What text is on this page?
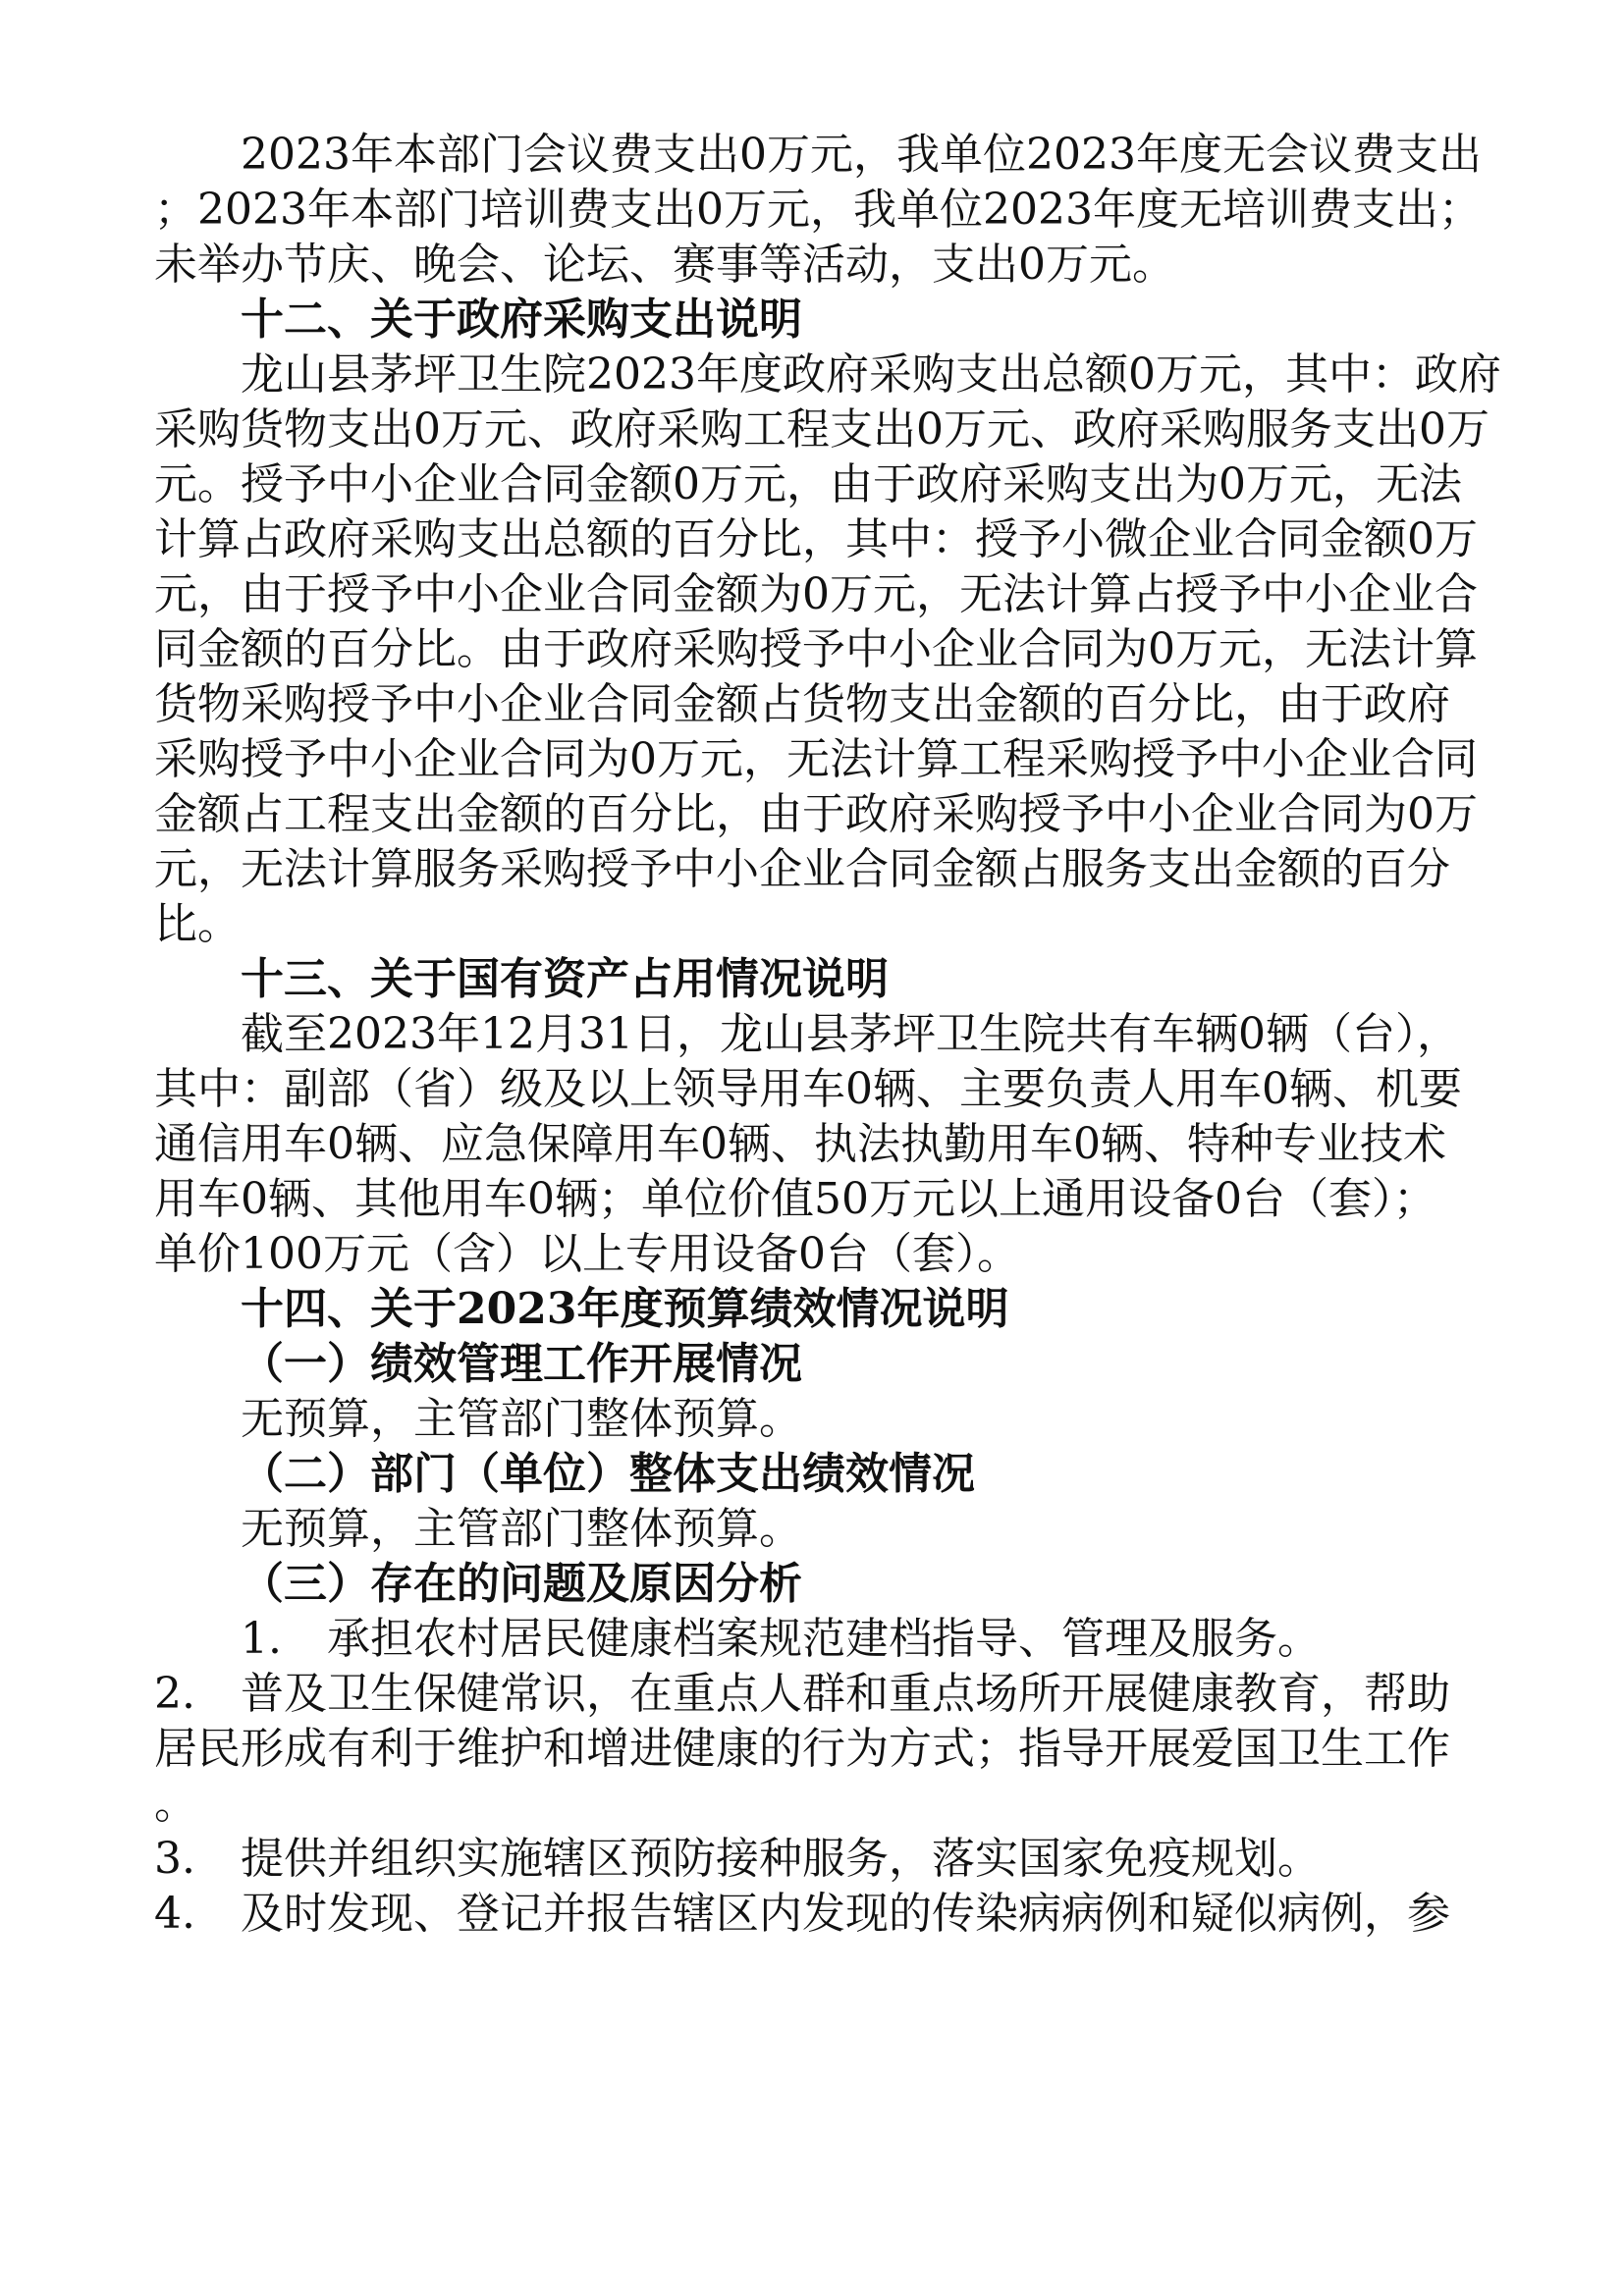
2023年本部门会议费支出0万元，我单位2023年度无会议费支出
；2023年本部门培训费支出0万元，我单位2023年度无培训费支出；
未举办节庆、晚会、论坛、赛事等活动，支出0万元。
十二、关于政府采购支出说明
龙山县茅坪卫生院2023年度政府采购支出总额0万元，其中：政府
采购货物支出0万元、政府采购工程支出0万元、政府采购服务支出0万
元。授予中小企业合同金额0万元，由于政府采购支出为0万元，无法
计算占政府采购支出总额的百分比，其中：授予小微企业合同金额0万
元，由于授予中小企业合同金额为0万元，无法计算占授予中小企业合
同金额的百分比。由于政府采购授予中小企业合同为0万元，无法计算
货物采购授予中小企业合同金额占货物支出金额的百分比，由于政府
采购授予中小企业合同为0万元，无法计算工程采购授予中小企业合同
金额占工程支出金额的百分比，由于政府采购授予中小企业合同为0万
元，无法计算服务采购授予中小企业合同金额占服务支出金额的百分
比。
十三、关于国有资产占用情况说明
截至2023年12月31日，龙山县茅坪卫生院共有车辆0辆（台），
其中：副部（省）级及以上领导用车0辆、主要负责人用车0辆、机要
通信用车0辆、应急保障用车0辆、执法执勤用车0辆、特种专业技术
用车0辆、其他用车0辆；单位价值50万元以上通用设备0台（套）；
单价100万元（含）以上专用设备0台（套）。
十四、关于2023年度预算绩效情况说明
（一）绩效管理工作开展情况
无预算，主管部门整体预算。
（二）部门（单位）整体支出绩效情况
无预算，主管部门整体预算。
（三）存在的问题及原因分析
1. 承担农村居民健康档案规范建档指导、管理及服务。
2. 普及卫生保健常识，在重点人群和重点场所开展健康教育，帮助
居民形成有利于维护和增进健康的行为方式；指导开展爱国卫生工作
。
3. 提供并组织实施辖区预防接种服务，落实国家免疫规划。
4. 及时发现、登记并报告辖区内发现的传染病病例和疑似病例，参
